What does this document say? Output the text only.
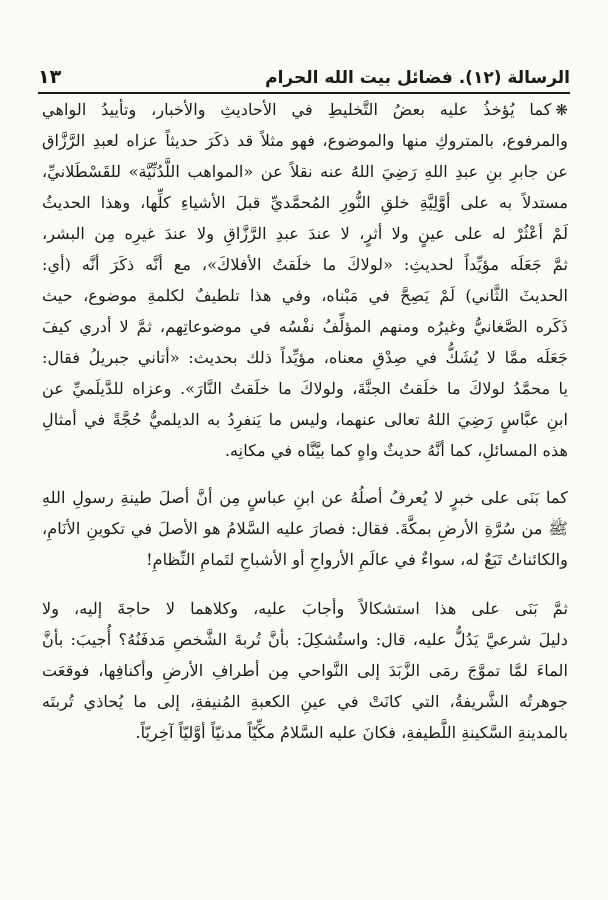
الرسالة (١٢). فضائل بيت الله الحرام
١٣
❋كما يُؤخذُ عليه بعضُ التَّخليطِ في الأحاديثِ والأخبار، وتأييدُ الواهي
والمرفوع، بالمتروكِ منها والموضوع، فهو مثلاً قد ذكَرَ حديثاً عزاه لعبدِ الرَّزَّاق
عن جابرِ بنِ عبدِ اللهِ رَضِيَ اللهُ عنه نقلاً عن «المواهب اللَّدُنِّيَّة» للقَسْطَلانيِّ،
مستدلاً به على أوَّلِيَّةِ خلقِ النُّورِ المُحمَّديِّ قبلَ الأشياءِ كلِّها، وهذا الحديثُ
لَمْ أعْثُرْ له على عينٍ ولا أثرٍ، لا عندَ عبدِ الرَّزَّاقِ ولا عندَ غيرِه مِن البشر،
ثمَّ جَعَلَه مؤيِّداً لحديثِ: «لولاكَ ما خلَقتُ الأفلاكَ»، مع أنَّه ذكَرَ أنَّه (أي:
الحديثَ الثَّاني) لَمْ يَصِحَّ في مَبْناه، وفي هذا تلطيفٌ لكلمةِ موضوع، حيث
ذَكَره الصَّغانيُّ وغيرُه ومنهم المؤلِّفُ نفْسُه في موضوعاتِهم، ثمَّ لا أدري كيفَ
جَعَلَه ممَّا لا يُشَكُّ في صِدْقِ معناه، مؤيِّداً ذلك بحديث: «أتاني جبريلُ فقال:
يا محمَّدُ لولاكَ ما خلَقتُ الجنَّةَ، ولولاكَ ما خلَقتُ النَّارَ». وعزاه للدَّيلَميِّ عن
ابنِ عبَّاسٍ رَضِيَ اللهُ تعالى عنهما، وليس ما يَنفرِدُ به الديلميُّ حُجَّةً في أمثالِ
هذه المسائلِ، كما أنَّهُ حديثٌ واهٍ كما بيَّنَّاه في مكانِه.
كما بَنَى على خبرٍ لا يُعرفُ أصلُهُ عن ابنِ عباسٍ مِن أنَّ أصلَ طينةِ رسولِ اللهِ
ﷺ من سُرَّةِ الأرضِ بمكَّةَ. فقال: فصارَ عليه السَّلامُ هو الأصلَ في تكوينِ الأنَامِ،
والكائناتُ تَبَعٌ له، سواءٌ في عالَمِ الأرواحِ أو الأشباحِ لتَمامِ النِّظامِ!
ثمَّ بَنَى على هذا استشكالاً وأجابَ عليه، وكلاهما لا حاجةَ إليه، ولا
دليلَ شرعيَّ يَدُلُّ عليه، قال: واستُشكِلَ: بأنَّ تُربةَ الشَّخصِ مَدفَنُهُ؟ أُجيبَ: بأنَّ
الماءَ لمَّا تموَّجَ رمَى الزَّبَدَ إلى النَّواحي مِن أطرافِ الأرضِ وأكنافِها، فوقعَت
جوهرتُه الشَّريفةُ، التي كانَتْ في عينِ الكعبةِ المُنيفةِ، إلى ما يُحاذي تُربتَه
بالمدينةِ السَّكينةِ اللَّطيفةِ، فكانَ عليه السَّلامُ مكِّيّاً مدنيّاً أوَّليّاً آخِريّاً.
